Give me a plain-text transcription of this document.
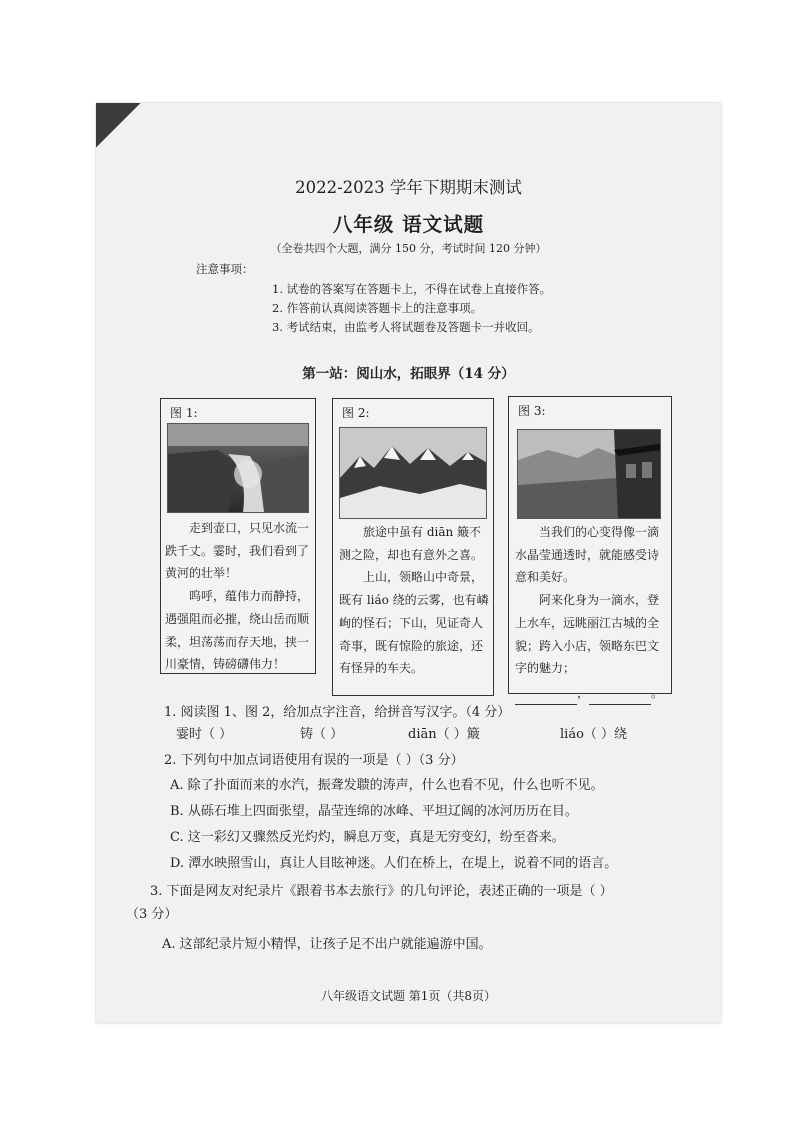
2022-2023 学年下期期末测试
八年级 语文试题
（全卷共四个大题，满分 150 分，考试时间 120 分钟）
注意事项：
1. 试卷的答案写在答题卡上，不得在试卷上直接作答。
2. 作答前认真阅读答题卡上的注意事项。
3. 考试结束，由监考人将试题卷及答题卡一并收回。
第一站：阅山水，拓眼界（14 分）
图 1:

走到壶口，只见水流一跌千丈。霎时，我们看到了黄河的壮举！

呜呼，蕴伟力而静持，遇强阻而必摧，绕山岳而顺柔，坦荡荡而存天地，挟一川豪情，铸磅礴伟力！

图 2:

旅途中虽有 diān 簸不测之险，却也有意外之喜。

上山，领略山中奇景，既有 liáo 绕的云雾，也有嶙峋的怪石；下山，见证奇人奇事，既有惊险的旅途，还有怪异的车夫。

图 3:

当我们的心变得像一滴水晶莹通透时，就能感受诗意和美好。

阿来化身为一滴水，登上水车，远眺丽江古城的全貌；跨入小店，领略东巴文字的魅力；

，	。
1. 阅读图 1、图 2，给加点字注音，给拼音写汉字。（4 分）
霎时（ ）	铸（ ）	diān（ ）簸	liáo（ ）绕
2. 下列句中加点词语使用有误的一项是（ ）（3 分）
A. 除了扑面而来的水汽，振聋发聩的涛声，什么也看不见，什么也听不见。
B. 从砾石堆上四面张望，晶莹连绵的冰峰、平坦辽阔的冰河历历在目。
C. 这一彩幻又骤然反光灼灼，瞬息万变，真是无穷变幻，纷至沓来。
D. 潭水映照雪山，真让人目眩神迷。人们在桥上，在堤上，说着不同的语言。
3. 下面是网友对纪录片《跟着书本去旅行》的几句评论，表述正确的一项是（ ）
（3 分）
A. 这部纪录片短小精悍，让孩子足不出户就能遍游中国。
八年级语文试题 第1页（共8页）
